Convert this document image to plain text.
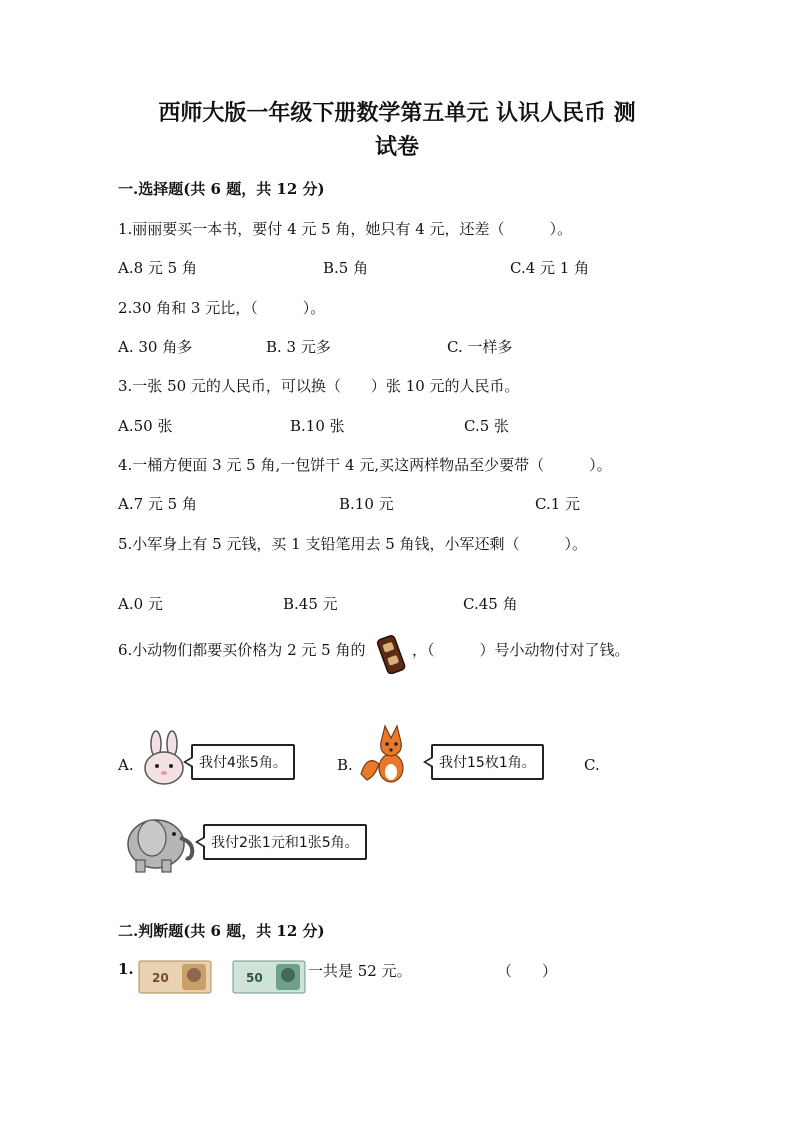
西师大版一年级下册数学第五单元 认识人民币 测
试卷
一.选择题(共 6 题，共 12 分)
1.丽丽要买一本书，要付 4 元 5 角，她只有 4 元，还差（　　　）。
A.8 元 5 角	B.5 角	C.4 元 1 角
2.30 角和 3 元比，（　　　）。
A. 30 角多	B. 3 元多	C. 一样多
3.一张 50 元的人民币，可以换（　　）张 10 元的人民币。
A.50 张	B.10 张	C.5 张
4.一桶方便面 3 元 5 角,一包饼干 4 元,买这两样物品至少要带（　　　）。
A.7 元 5 角	B.10 元	C.1 元
5.小军身上有 5 元钱，买 1 支铅笔用去 5 角钱，小军还剩（　　　）。
A.0 元	B.45 元	C.45 角
6.小动物们都要买价格为 2 元 5 角的	，（　　　）号小动物付对了钱。
A.	我付4张5角。	B.	我付15枚1角。	C.
我付2张1元和1张5角。
二.判断题(共 6 题，共 12 分)
1. 20	50	一共是 52 元。	（　　）
